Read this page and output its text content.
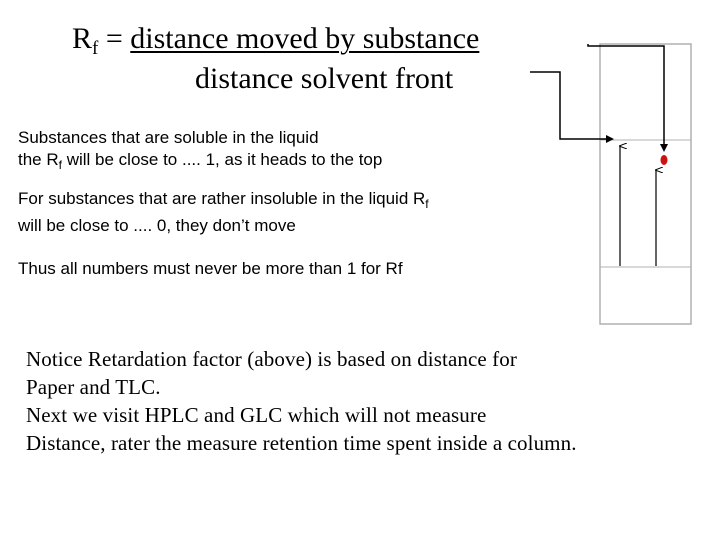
$R_f$ = distance moved by substance
distance solvent front
Substances that are soluble in the liquid
the $R_f$ will be close to .... 1, as it heads to the top
For substances that are rather insoluble in the liquid $R_f$
will be close to .... 0, they don’t move
Thus all numbers must never be more than 1 for Rf
Notice Retardation factor (above) is based on distance for
Paper and TLC.
Next we visit HPLC and GLC which will not measure
Distance, rater the measure retention time spent inside a column.
